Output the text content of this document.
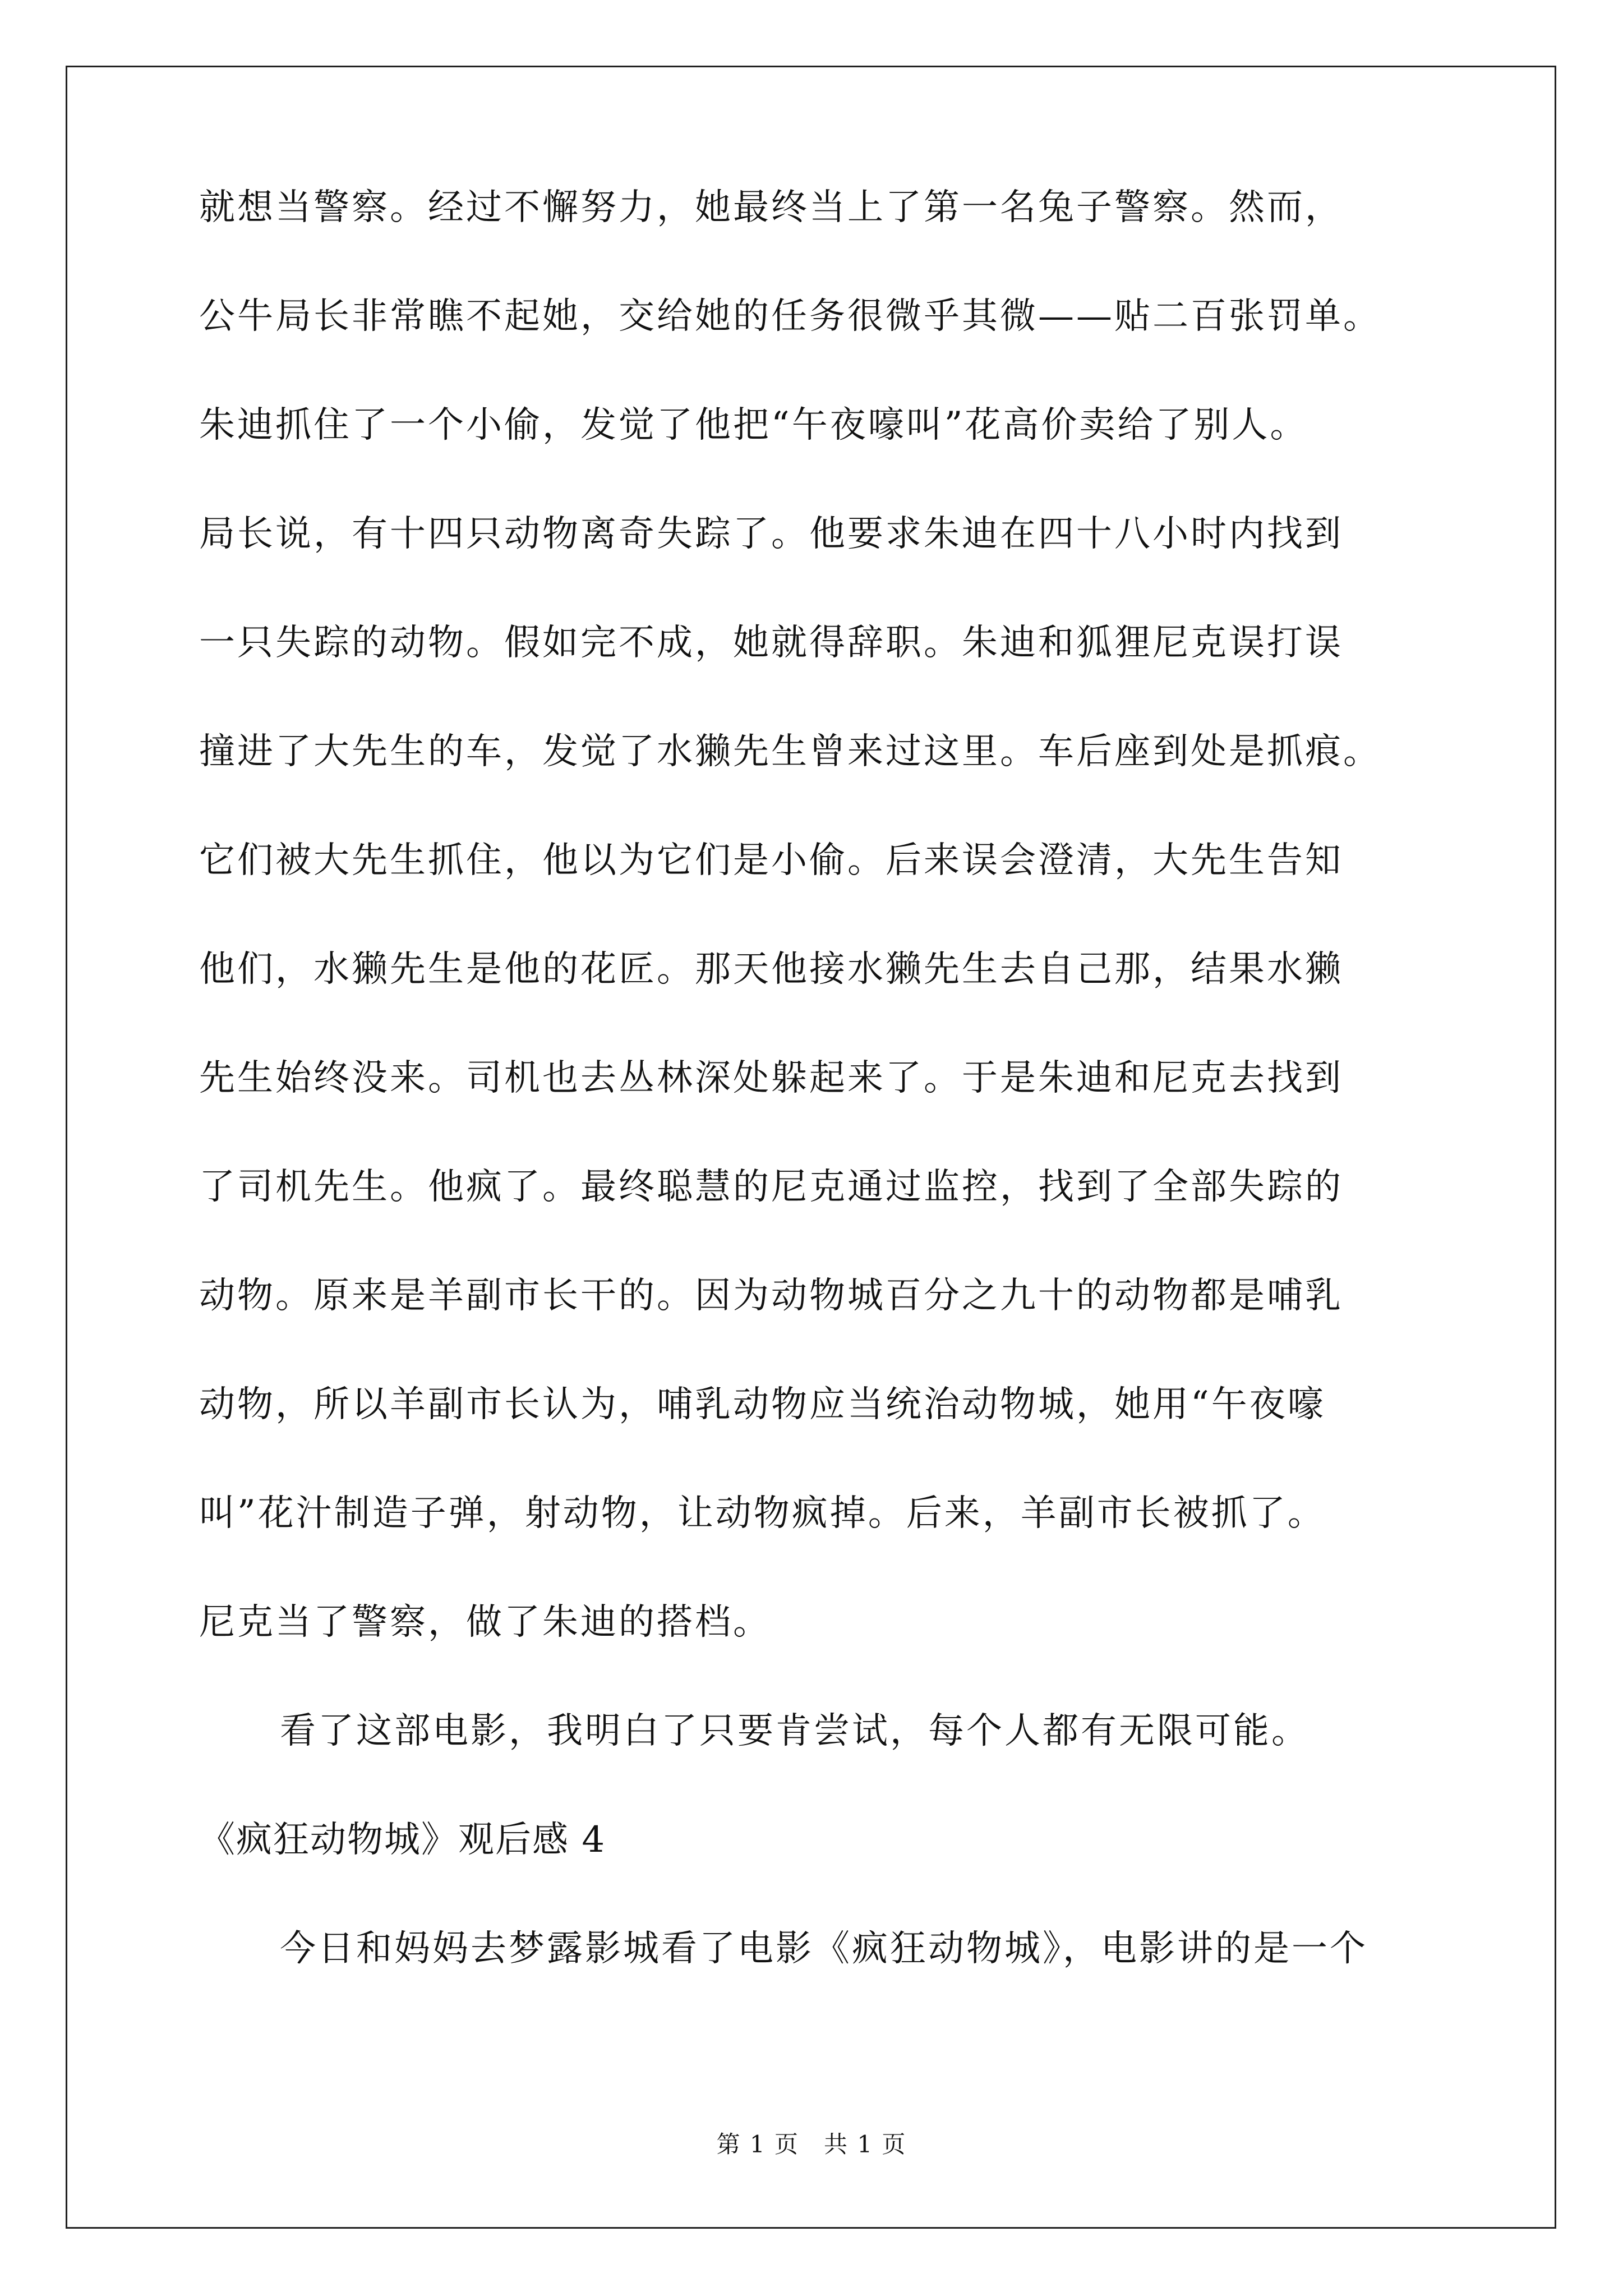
就想当警察。经过不懈努力，她最终当上了第一名兔子警察。然而，
公牛局长非常瞧不起她，交给她的任务很微乎其微——贴二百张罚单。
朱迪抓住了一个小偷，发觉了他把“午夜嚎叫”花高价卖给了别人。
局长说，有十四只动物离奇失踪了。他要求朱迪在四十八小时内找到
一只失踪的动物。假如完不成，她就得辞职。朱迪和狐狸尼克误打误
撞进了大先生的车，发觉了水獭先生曾来过这里。车后座到处是抓痕。
它们被大先生抓住，他以为它们是小偷。后来误会澄清，大先生告知
他们，水獭先生是他的花匠。那天他接水獭先生去自己那，结果水獭
先生始终没来。司机也去丛林深处躲起来了。于是朱迪和尼克去找到
了司机先生。他疯了。最终聪慧的尼克通过监控，找到了全部失踪的
动物。原来是羊副市长干的。因为动物城百分之九十的动物都是哺乳
动物，所以羊副市长认为，哺乳动物应当统治动物城，她用“午夜嚎
叫”花汁制造子弹，射动物，让动物疯掉。后来，羊副市长被抓了。
尼克当了警察，做了朱迪的搭档。
看了这部电影，我明白了只要肯尝试，每个人都有无限可能。
《疯狂动物城》观后感 4
今日和妈妈去梦露影城看了电影《疯狂动物城》，电影讲的是一个
第 1 页　共 1 页
